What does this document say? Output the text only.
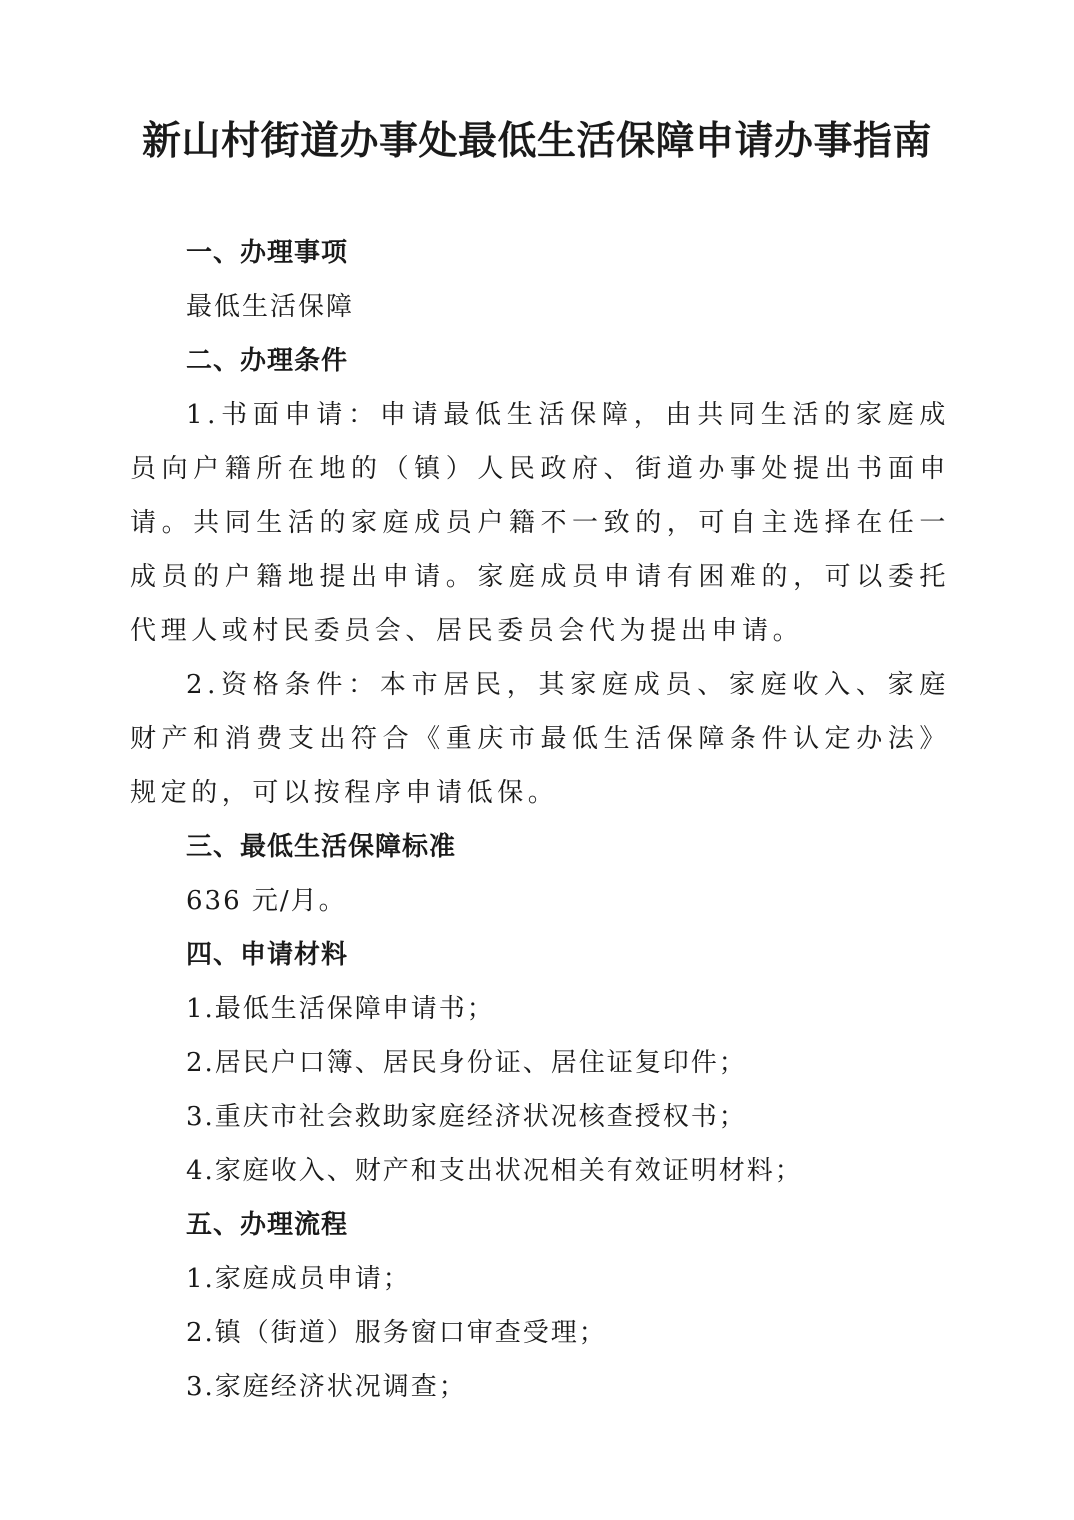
新山村街道办事处最低生活保障申请办事指南

一、办理事项

最低生活保障

二、办理条件

1.书面申请：申请最低生活保障，由共同生活的家庭成员向户籍所在地的（镇）人民政府、街道办事处提出书面申请。共同生活的家庭成员户籍不一致的，可自主选择在任一成员的户籍地提出申请。家庭成员申请有困难的，可以委托代理人或村民委员会、居民委员会代为提出申请。

2.资格条件：本市居民，其家庭成员、家庭收入、家庭财产和消费支出符合《重庆市最低生活保障条件认定办法》规定的，可以按程序申请低保。

三、最低生活保障标准

636 元/月。

四、申请材料

1.最低生活保障申请书；

2.居民户口簿、居民身份证、居住证复印件；

3.重庆市社会救助家庭经济状况核查授权书；

4.家庭收入、财产和支出状况相关有效证明材料；

五、办理流程

1.家庭成员申请；

2.镇（街道）服务窗口审查受理；

3.家庭经济状况调查；
